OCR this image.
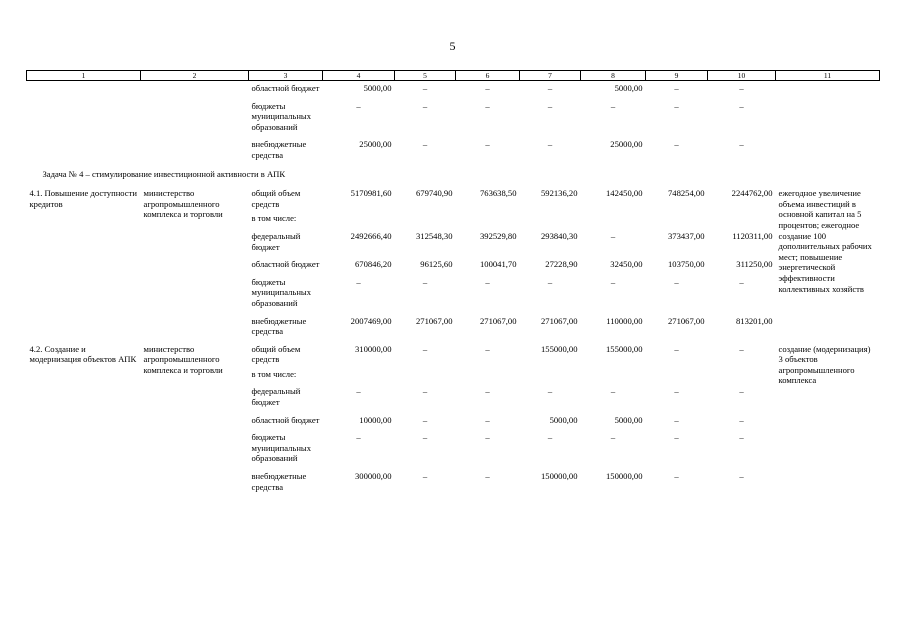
5
1	2	3	4	5	6	7	8	9	10	11
		областной бюджет	5000,00	–	–	–	5000,00	–	–	
		бюджеты муниципальных образований	–	–	–	–	–	–	–	
		внебюджетные средства	25000,00	–	–	–	25000,00	–	–	
Задача № 4 – стимулирование инвестиционной активности в АПК										
4.1. Повышение доступности кредитов	министерство агропромышленного комплекса и торговли	общий объем средств	5170981,60	679740,90	763638,50	592136,20	142450,00	748254,00	2244762,00	ежегодное увеличение объема инвестиций в основной капитал на 5 процентов; ежегодное создание 100 дополнительных рабочих мест; повышение энергетической эффективности коллективных хозяйств
		в том числе:								
		федеральный бюджет	2492666,40	312548,30	392529,80	293840,30	–	373437,00	1120311,00	
		областной бюджет	670846,20	96125,60	100041,70	27228,90	32450,00	103750,00	311250,00	
		бюджеты муниципальных образований	–	–	–	–	–	–	–	
		внебюджетные средства	2007469,00	271067,00	271067,00	271067,00	110000,00	271067,00	813201,00	
4.2. Создание и модернизация объектов АПК	министерство агропромышленного комплекса и торговли	общий объем средств	310000,00	–	–	155000,00	155000,00	–	–	создание (модернизация) 3 объектов агропромышленного комплекса
		в том числе:								
		федеральный бюджет	–	–	–	–	–	–	–	
		областной бюджет	10000,00	–	–	5000,00	5000,00	–	–	
		бюджеты муниципальных образований	–	–	–	–	–	–	–	
		внебюджетные средства	300000,00	–	–	150000,00	150000,00	–	–	
